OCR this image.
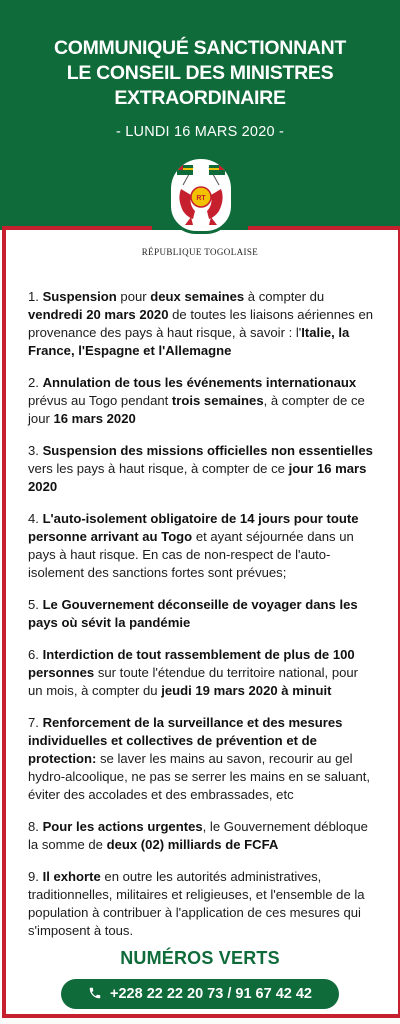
COMMUNIQUÉ SANCTIONNANT
LE CONSEIL DES MINISTRES
EXTRAORDINAIRE
- LUNDI 16 MARS 2020 -
RT
RÉPUBLIQUE TOGOLAISE
1. Suspension pour deux semaines à compter du vendredi 20 mars 2020 de toutes les liaisons aériennes en provenance des pays à haut risque, à savoir : l'Italie, la France, l'Espagne et l'Allemagne
2. Annulation de tous les événements internationaux prévus au Togo pendant trois semaines, à compter de ce jour 16 mars 2020
3. Suspension des missions officielles non essentielles vers les pays à haut risque, à compter de ce jour 16 mars 2020
4. L'auto-isolement obligatoire de 14 jours pour toute personne arrivant au Togo et ayant séjournée dans un pays à haut risque. En cas de non-respect de l'auto-isolement des sanctions fortes sont prévues;
5. Le Gouvernement déconseille de voyager dans les pays où sévit la pandémie
6. Interdiction de tout rassemblement de plus de 100 personnes sur toute l'étendue du territoire national, pour un mois, à compter du jeudi 19 mars 2020 à minuit
7. Renforcement de la surveillance et des mesures individuelles et collectives de prévention et de protection: se laver les mains au savon, recourir au gel hydro-alcoolique, ne pas se serrer les mains en se saluant, éviter des accolades et des embrassades, etc
8. Pour les actions urgentes, le Gouvernement débloque la somme de deux (02) milliards de FCFA
9. Il exhorte en outre les autorités administratives, traditionnelles, militaires et religieuses, et l'ensemble de la population à contribuer à l'application de ces mesures qui s'imposent à tous.
NUMÉROS VERTS
+228 22 22 20 73 / 91 67 42 42
